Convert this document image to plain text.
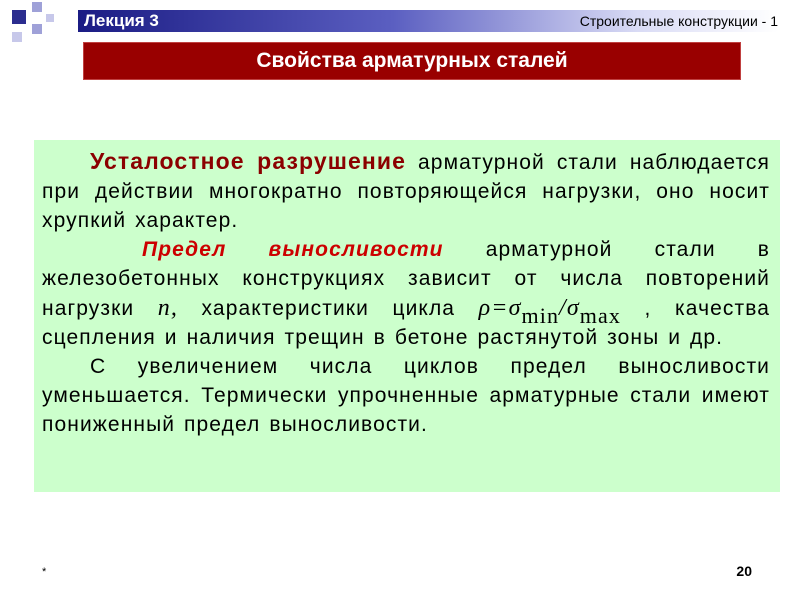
Лекция 3	Строительные конструкции - 1
Свойства арматурных сталей

Усталостное разрушение арматурной стали наблюдается при действии многократно повторяющейся нагрузки, оно носит хрупкий характер.

Предел выносливости арматурной стали в железобетонных конструкциях зависит от числа повторений нагрузки n, характеристики цикла ρ=σmin/σmax , качества сцепления и наличия трещин в бетоне растянутой зоны и др.

С увеличением числа циклов предел выносливости уменьшается. Термически упрочненные арматурные стали имеют пониженный предел выносливости.

*	20
